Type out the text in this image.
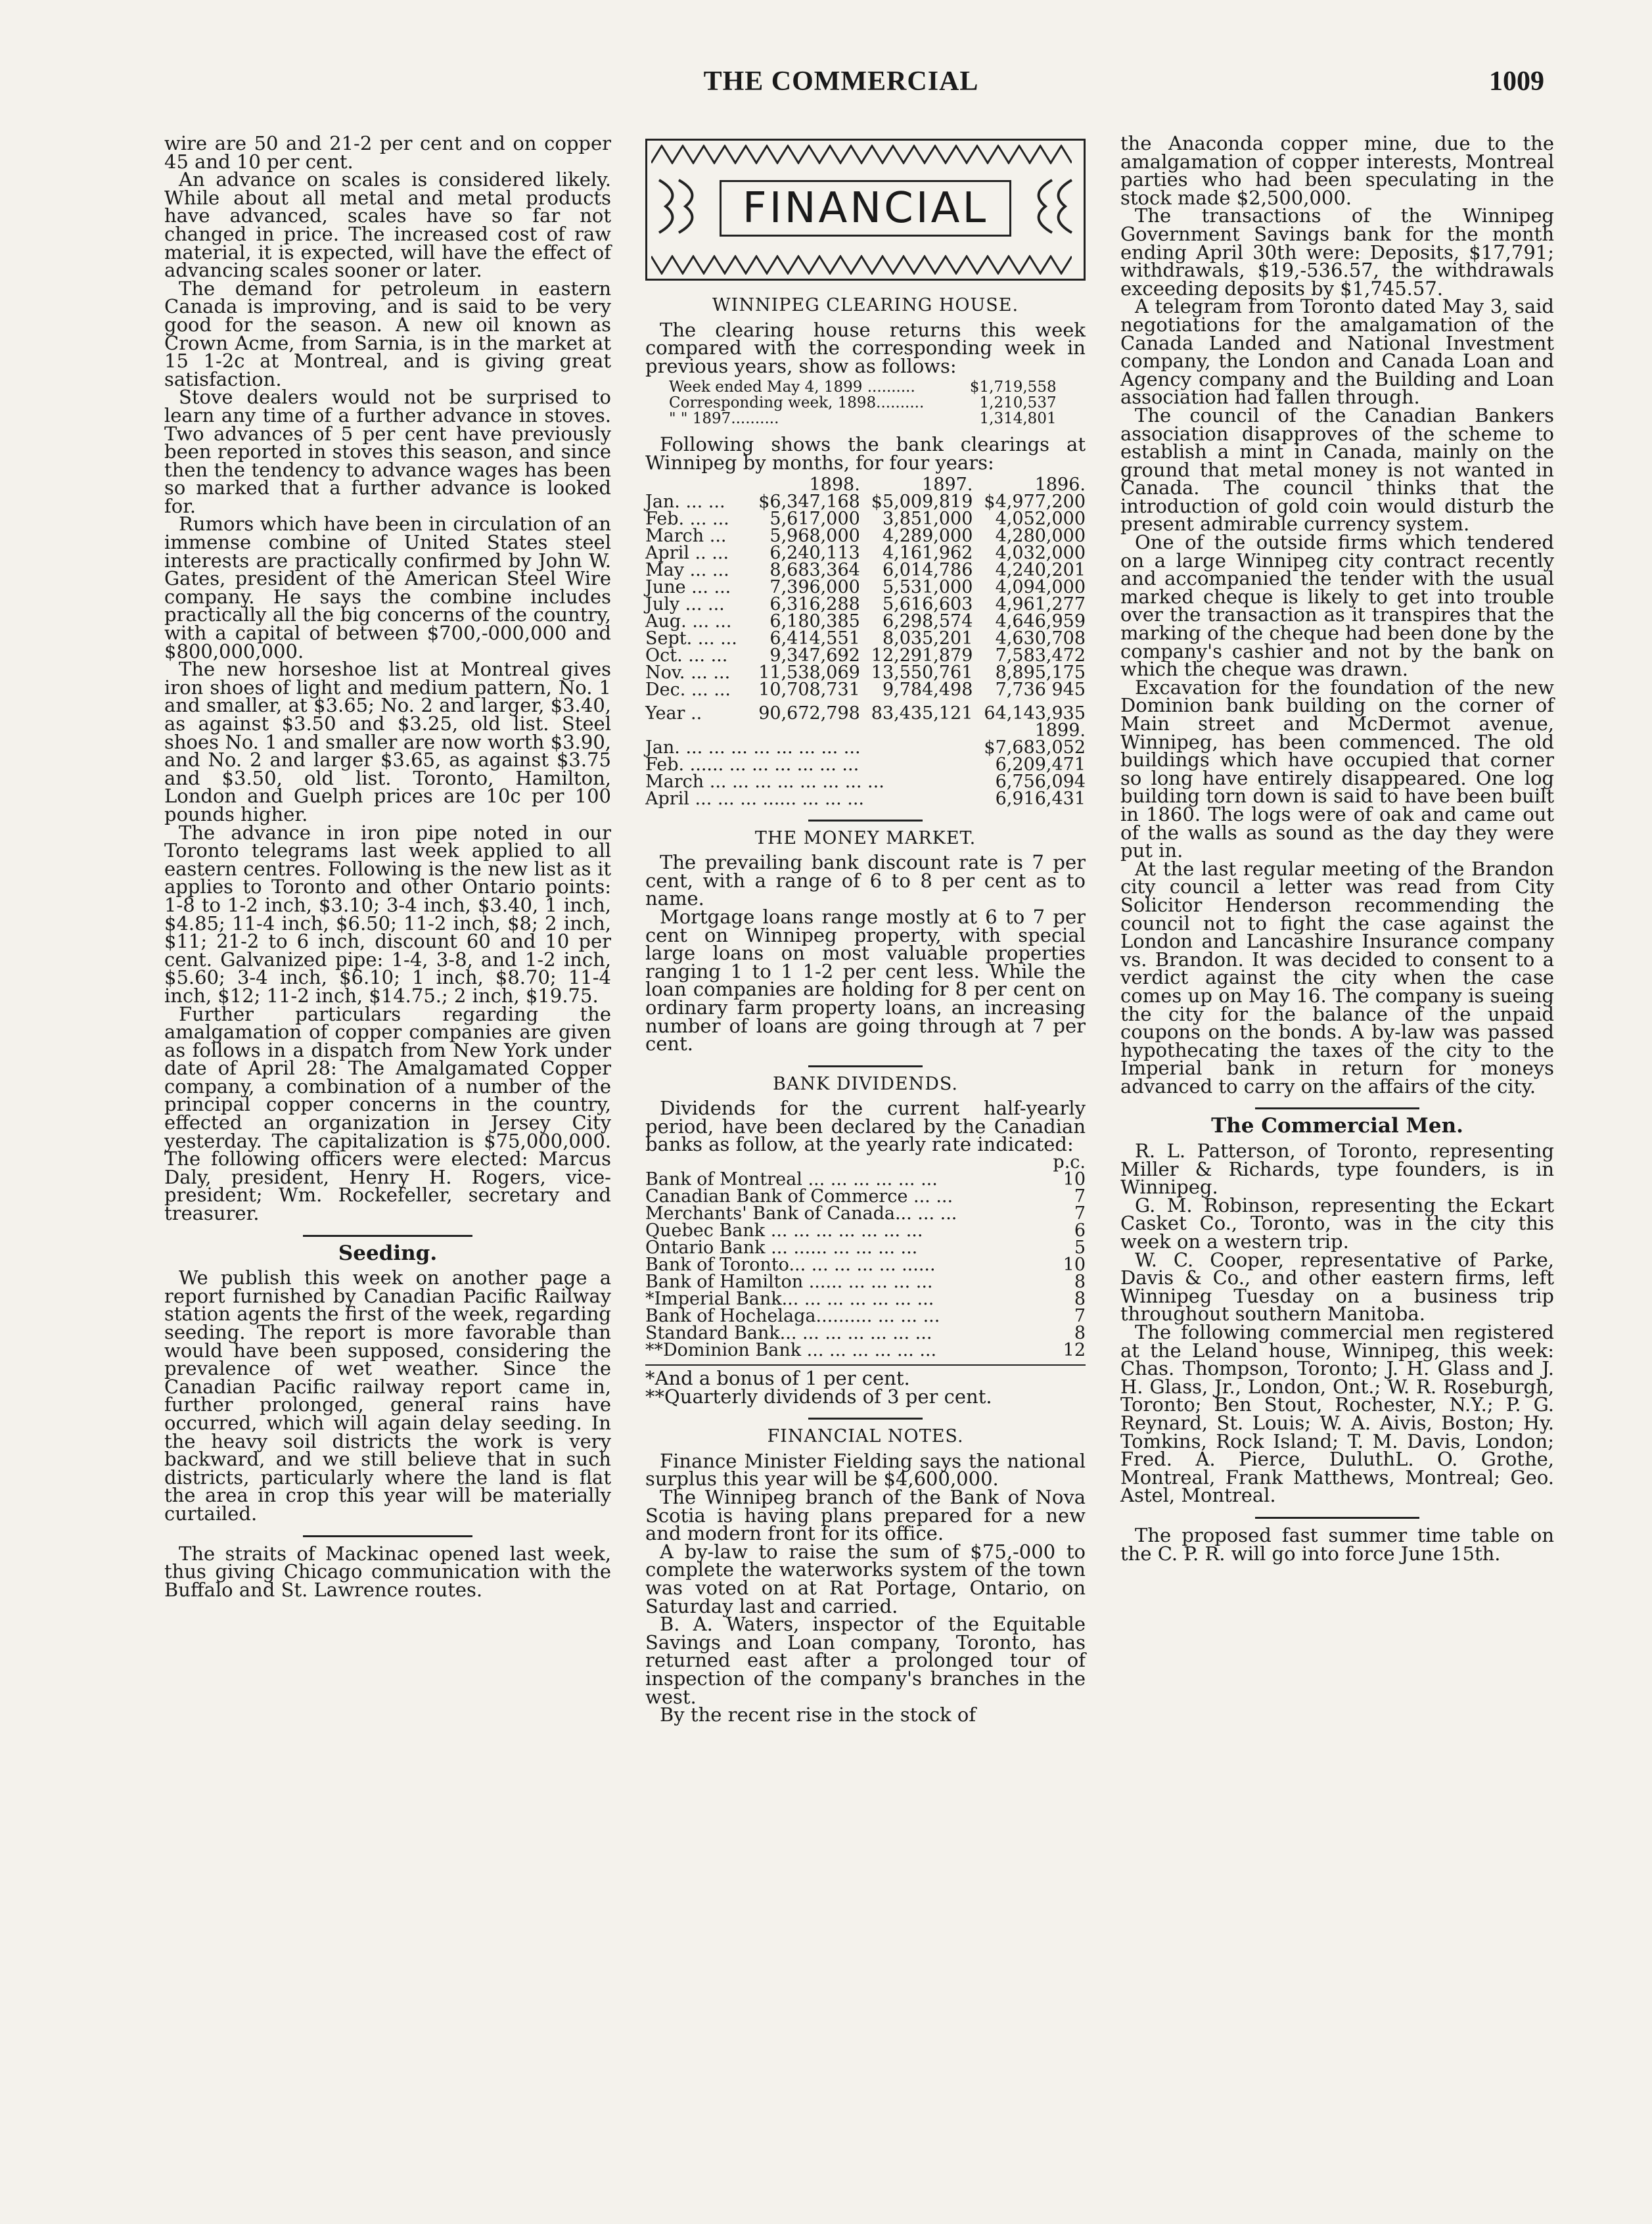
THE COMMERCIAL	1009

wire are 50 and 21-2 per cent and on copper 45 and 10 per cent.

An advance on scales is considered likely. While about all metal and metal products have advanced, scales have so far not changed in price. The increased cost of raw material, it is expected, will have the effect of advancing scales sooner or later.

The demand for petroleum in eastern Canada is improving, and is said to be very good for the season. A new oil known as Crown Acme, from Sarnia, is in the market at 15 1-2c at Montreal, and is giving great satisfaction.

Stove dealers would not be surprised to learn any time of a further advance in stoves. Two advances of 5 per cent have previously been reported in stoves this season, and since then the tendency to advance wages has been so marked that a further advance is looked for.

Rumors which have been in circulation of an immense combine of United States steel interests are practically confirmed by John W. Gates, president of the American Steel Wire company. He says the combine includes practically all the big concerns of the country, with a capital of between $700,-000,000 and $800,000,000.

The new horseshoe list at Montreal gives iron shoes of light and medium pattern, No. 1 and smaller, at $3.65; No. 2 and larger, $3.40, as against $3.50 and $3.25, old list. Steel shoes No. 1 and smaller are now worth $3.90, and No. 2 and larger $3.65, as against $3.75 and $3.50, old list. Toronto, Hamilton, London and Guelph prices are 10c per 100 pounds higher.

The advance in iron pipe noted in our Toronto telegrams last week applied to all eastern centres. Following is the new list as it applies to Toronto and other Ontario points: 1-8 to 1-2 inch, $3.10; 3-4 inch, $3.40, 1 inch, $4.85; 11-4 inch, $6.50; 11-2 inch, $8; 2 inch, $11; 21-2 to 6 inch, discount 60 and 10 per cent. Galvanized pipe: 1-4, 3-8, and 1-2 inch, $5.60; 3-4 inch, $6.10; 1 inch, $8.70; 11-4 inch, $12; 11-2 inch, $14.75.; 2 inch, $19.75.

Further particulars regarding the amalgamation of copper companies are given as follows in a dispatch from New York under date of April 28: The Amalgamated Copper company, a combination of a number of the principal copper concerns in the country, effected an organization in Jersey City yesterday. The capitalization is $75,000,000. The following officers were elected: Marcus Daly, president, Henry H. Rogers, vice-president; Wm. Rockefeller, secretary and treasurer.

Seeding.

We publish this week on another page a report furnished by Canadian Pacific Railway station agents the first of the week, regarding seeding. The report is more favorable than would have been supposed, considering the prevalence of wet weather. Since the Canadian Pacific railway report came in, further prolonged, general rains have occurred, which will again delay seeding. In the heavy soil districts the work is very backward, and we still believe that in such districts, particularly where the land is flat the area in crop this year will be materially curtailed.

The straits of Mackinac opened last week, thus giving Chicago communication with the Buffalo and St. Lawrence routes.

FINANCIAL
WINNIPEG CLEARING HOUSE.

The clearing house returns this week compared with the corresponding week in previous years, show as follows:

Week ended May 4, 1899 ..........	$1,719,558
Corresponding week, 1898..........	1,210,537
" " 1897..........	1,314,801

Following shows the bank clearings at Winnipeg by months, for four years:

	1898.	1897.	1896.
Jan. ... ...	$6,347,168	$5,009,819	$4,977,200
Feb. ... ...	5,617,000	3,851,000	4,052,000
March ...	5,968,000	4,289,000	4,280,000
April .. ...	6,240,113	4,161,962	4,032,000
May ... ...	8,683,364	6,014,786	4,240,201
June ... ...	7,396,000	5,531,000	4,094,000
July ... ...	6,316,288	5,616,603	4,961,277
Aug. ... ...	6,180,385	6,298,574	4,646,959
Sept. ... ...	6,414,551	8,035,201	4,630,708
Oct. ... ...	9,347,692	12,291,879	7,583,472
Nov. ... ...	11,538,069	13,550,761	8,895,175
Dec. ... ...	10,708,731	9,784,498	7,736 945
Year ..	90,672,798	83,435,121	64,143,935
	1899.
Jan. ... ... ... ... ... ... ... ...	$7,683,052
Feb. ...... ... ... ... ... ... ...	6,209,471
March ... ... ... ... ... ... ... ...	6,756,094
April ... ... ... ...... ... ... ...	6,916,431
THE MONEY MARKET.

The prevailing bank discount rate is 7 per cent, with a range of 6 to 8 per cent as to name.

Mortgage loans range mostly at 6 to 7 per cent on Winnipeg property, with special large loans on most valuable properties ranging 1 to 1 1-2 per cent less. While the loan companies are holding for 8 per cent on ordinary farm property loans, an increasing number of loans are going through at 7 per cent.

BANK DIVIDENDS.

Dividends for the current half-yearly period, have been declared by the Canadian banks as follow, at the yearly rate indicated:

	p.c.
Bank of Montreal ... ... ... ... ... ...	10
Canadian Bank of Commerce ... ...	7
Merchants' Bank of Canada... ... ...	7
Quebec Bank ... ... ... ... ... ... ...	6
Ontario Bank ... ...... ... ... ... ...	5
Bank of Toronto... ... ... ... ... ......	10
Bank of Hamilton ...... ... ... ... ...	8
*Imperial Bank... ... ... ... ... ... ...	8
Bank of Hochelaga.......... ... ... ...	7
Standard Bank... ... ... ... ... ... ...	8
**Dominion Bank ... ... ... ... ... ...	12

*And a bonus of 1 per cent.

**Quarterly dividends of 3 per cent.

FINANCIAL NOTES.

Finance Minister Fielding says the national surplus this year will be $4,600,000.

The Winnipeg branch of the Bank of Nova Scotia is having plans prepared for a new and modern front for its office.

A by-law to raise the sum of $75,-000 to complete the waterworks system of the town was voted on at Rat Portage, Ontario, on Saturday last and carried.

B. A. Waters, inspector of the Equitable Savings and Loan company, Toronto, has returned east after a prolonged tour of inspection of the company's branches in the west.

By the recent rise in the stock of

the Anaconda copper mine, due to the amalgamation of copper interests, Montreal parties who had been speculating in the stock made $2,500,000.

The transactions of the Winnipeg Government Savings bank for the month ending April 30th were: Deposits, $17,791; withdrawals, $19,-536.57, the withdrawals exceeding deposits by $1,745.57.

A telegram from Toronto dated May 3, said negotiations for the amalgamation of the Canada Landed and National Investment company, the London and Canada Loan and Agency company and the Building and Loan association had fallen through.

The council of the Canadian Bankers association disapproves of the scheme to establish a mint in Canada, mainly on the ground that metal money is not wanted in Canada. The council thinks that the introduction of gold coin would disturb the present admirable currency system.

One of the outside firms which tendered on a large Winnipeg city contract recently and accompanied the tender with the usual marked cheque is likely to get into trouble over the transaction as it transpires that the marking of the cheque had been done by the company's cashier and not by the bank on which the cheque was drawn.

Excavation for the foundation of the new Dominion bank building on the corner of Main street and McDermot avenue, Winnipeg, has been commenced. The old buildings which have occupied that corner so long have entirely disappeared. One log building torn down is said to have been built in 1860. The logs were of oak and came out of the walls as sound as the day they were put in.

At the last regular meeting of the Brandon city council a letter was read from City Solicitor Henderson recommending the council not to fight the case against the London and Lancashire Insurance company vs. Brandon. It was decided to consent to a verdict against the city when the case comes up on May 16. The company is sueing the city for the balance of the unpaid coupons on the bonds. A by-law was passed hypothecating the taxes of the city to the Imperial bank in return for moneys advanced to carry on the affairs of the city.

The Commercial Men.

R. L. Patterson, of Toronto, representing Miller & Richards, type founders, is in Winnipeg.

G. M. Robinson, representing the Eckart Casket Co., Toronto, was in the city this week on a western trip.

W. C. Cooper, representative of Parke, Davis & Co., and other eastern firms, left Winnipeg Tuesday on a business trip throughout southern Manitoba.

The following commercial men registered at the Leland house, Winnipeg, this week: Chas. Thompson, Toronto; J. H. Glass and J. H. Glass, Jr., London, Ont.; W. R. Roseburgh, Toronto; Ben Stout, Rochester, N.Y.; P. G. Reynard, St. Louis; W. A. Aivis, Boston; Hy. Tomkins, Rock Island; T. M. Davis, London; Fred. A. Pierce, DuluthL. O. Grothe, Montreal, Frank Matthews, Montreal; Geo. Astel, Montreal.

The proposed fast summer time table on the C. P. R. will go into force June 15th.
